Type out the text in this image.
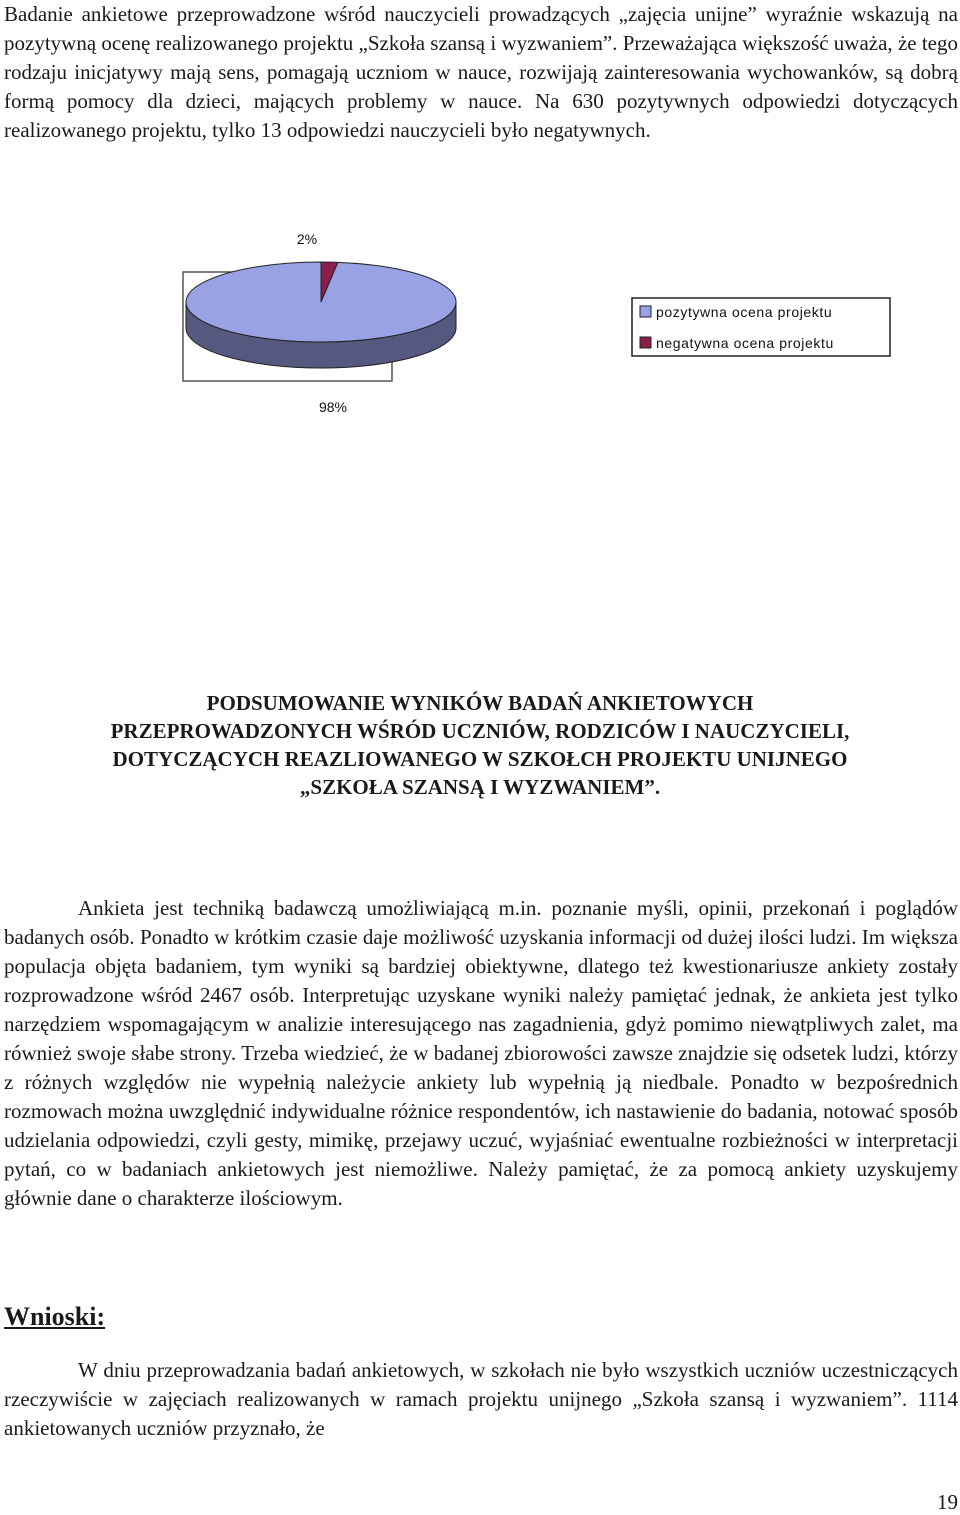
Badanie ankietowe przeprowadzone wśród nauczycieli prowadzących „zajęcia unijne” wyraźnie wskazują na pozytywną ocenę realizowanego projektu „Szkoła szansą i wyzwaniem”. Przeważająca większość uważa, że tego rodzaju inicjatywy mają sens, pomagają uczniom w nauce, rozwijają zainteresowania wychowanków, są dobrą formą pomocy dla dzieci, mających problemy w nauce. Na 630 pozytywnych odpowiedzi dotyczących realizowanego projektu, tylko 13 odpowiedzi nauczycieli było negatywnych.

2%
98%
pozytywna ocena projektu
negatywna ocena projektu
PODSUMOWANIE WYNIKÓW BADAŃ ANKIETOWYCH
PRZEPROWADZONYCH WŚRÓD UCZNIÓW, RODZICÓW I NAUCZYCIELI,
DOTYCZĄCYCH REAZLIOWANEGO W SZKOŁCH PROJEKTU UNIJNEGO
„SZKOŁA SZANSĄ I WYZWANIEM”.

Ankieta jest techniką badawczą umożliwiającą m.in. poznanie myśli, opinii, przekonań i poglądów badanych osób. Ponadto w krótkim czasie daje możliwość uzyskania informacji od dużej ilości ludzi. Im większa populacja objęta badaniem, tym wyniki są bardziej obiektywne, dlatego też kwestionariusze ankiety zostały rozprowadzone wśród 2467 osób. Interpretując uzyskane wyniki należy pamiętać jednak, że ankieta jest tylko narzędziem wspomagającym w analizie interesującego nas zagadnienia, gdyż pomimo niewątpliwych zalet, ma również swoje słabe strony. Trzeba wiedzieć, że w badanej zbiorowości zawsze znajdzie się odsetek ludzi, którzy z różnych względów nie wypełnią należycie ankiety lub wypełnią ją niedbale. Ponadto w bezpośrednich rozmowach można uwzględnić indywidualne różnice respondentów, ich nastawienie do badania, notować sposób udzielania odpowiedzi, czyli gesty, mimikę, przejawy uczuć, wyjaśniać ewentualne rozbieżności w interpretacji pytań, co w badaniach ankietowych jest niemożliwe. Należy pamiętać, że za pomocą ankiety uzyskujemy głównie dane o charakterze ilościowym.

Wnioski:

W dniu przeprowadzania badań ankietowych, w szkołach nie było wszystkich uczniów uczestniczących rzeczywiście w zajęciach realizowanych w ramach projektu unijnego „Szkoła szansą i wyzwaniem”. 1114 ankietowanych uczniów przyznało, że

19
